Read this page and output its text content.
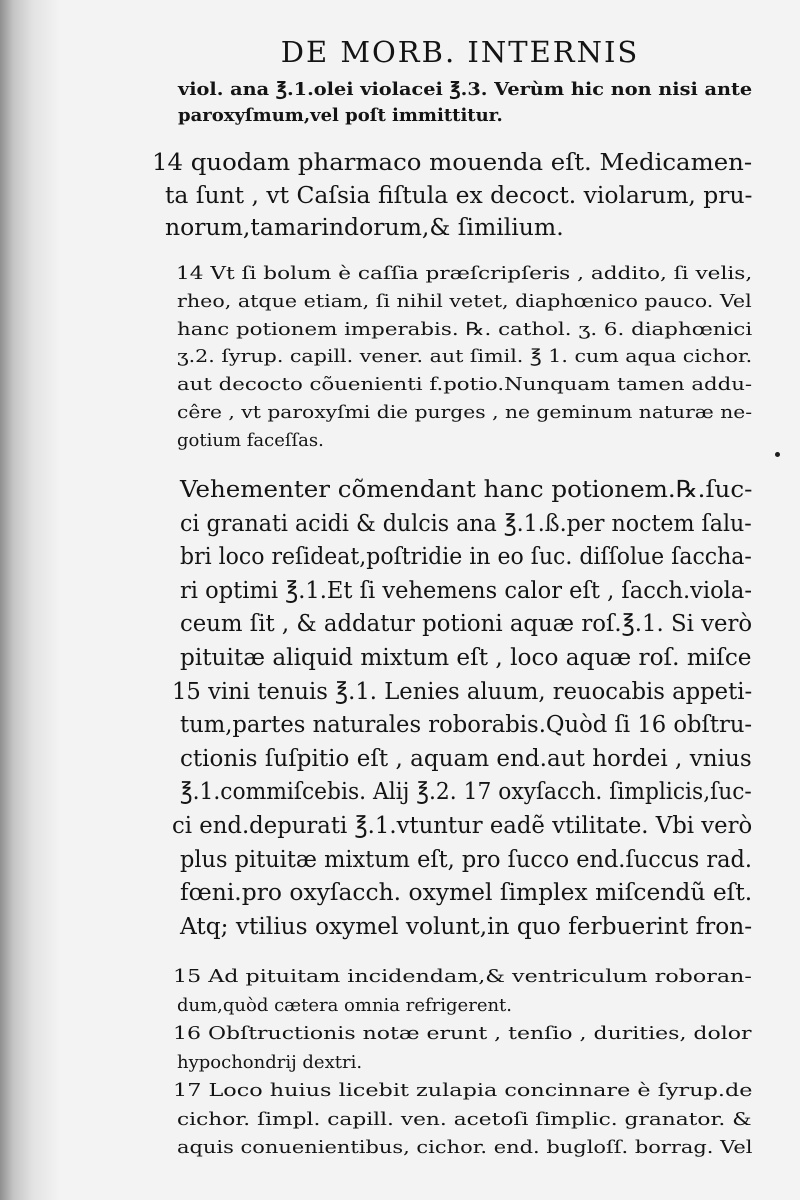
DE MORB. INTERNIS

viol. ana ℥.1.olei violacei ℥.3. Verùm hic non nisi ante

paroxyſmum,vel poſt immittitur.

14 quodam pharmaco mouenda eſt. Medicamen-

ta ſunt , vt Caſsia fiſtula ex decoct. violarum, pru-

norum,tamarindorum,& ſimilium.

14 Vt ſi bolum è caſſia præſcripſeris , addito, ſi velis,

rheo, atque etiam, ſi nihil vetet, diaphœnico pauco. Vel

hanc potionem imperabis. ℞. cathol. ʒ. 6. diaphœnici

ʒ.2. ſyrup. capill. vener. aut ſimil. ℥ 1. cum aqua cichor.

aut decocto cõuenienti f.potio.Nunquam tamen addu-

cêre , vt paroxyſmi die purges , ne geminum naturæ ne-

gotium faceſſas.

Vehementer cõmendant hanc potionem.℞.ſuc-

ci granati acidi & dulcis ana ℥.1.ß.per noctem ſalu-

bri loco reſideat,poſtridie in eo ſuc. diſſolue ſaccha-

ri optimi ℥.1.Et ſi vehemens calor eſt , ſacch.viola-

ceum ſit , & addatur potioni aquæ roſ.℥.1. Si verò

pituitæ aliquid mixtum eſt , loco aquæ roſ. miſce

15 vini tenuis ℥.1. Lenies aluum, reuocabis appeti-

tum,partes naturales roborabis.Quòd ſi 16 obſtru-

ctionis ſuſpitio eſt , aquam end.aut hordei , vnius

℥.1.commiſcebis. Alij ℥.2. 17 oxyſacch. ſimplicis,ſuc-

ci end.depurati ℥.1.vtuntur eadẽ vtilitate. Vbi verò

plus pituitæ mixtum eſt, pro ſucco end.ſuccus rad.

fœni.pro oxyſacch. oxymel ſimplex miſcendũ eſt.

Atq; vtilius oxymel volunt,in quo ferbuerint fron-

15 Ad pituitam incidendam,& ventriculum roboran-

dum,quòd cætera omnia refrigerent.

16 Obſtructionis notæ erunt , tenſio , durities, dolor

hypochondrij dextri.

17 Loco huius licebit zulapia concinnare è ſyrup.de

cichor. ſimpl. capill. ven. acetoſi ſimplic. granator. &

aquis conuenientibus, cichor. end. bugloſſ. borrag. Vel
